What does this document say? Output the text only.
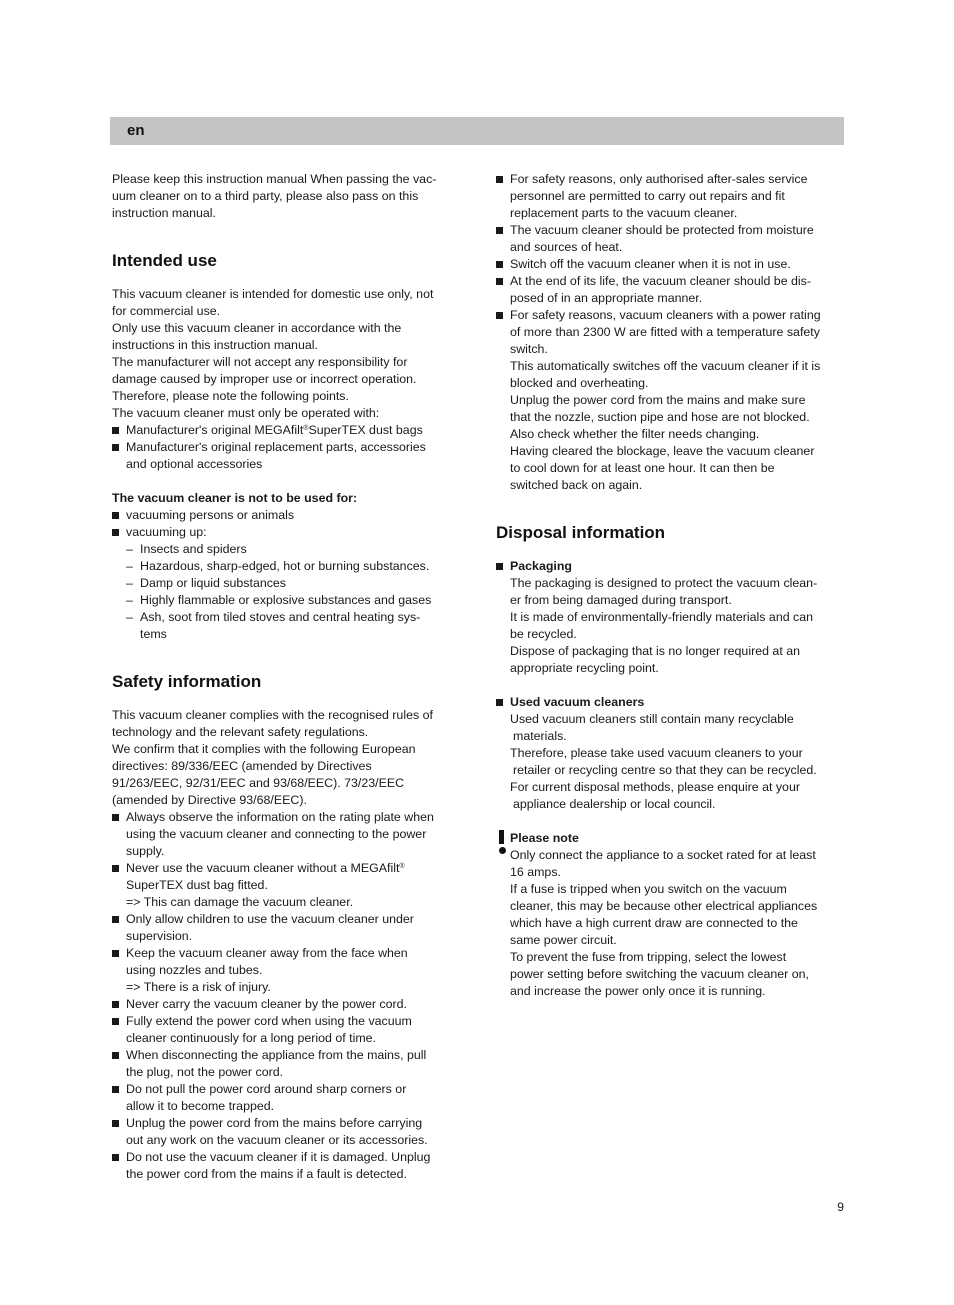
en

Please keep this instruction manual When passing the vac-

uum cleaner on to a third party, please also pass on this

instruction manual.

Intended use

This vacuum cleaner is intended for domestic use only, not

for commercial use.

Only use this vacuum cleaner in accordance with the

instructions in this instruction manual.

The manufacturer will not accept any responsibility for

damage caused by improper use or incorrect operation.

Therefore, please note the following points.

The vacuum cleaner must only be operated with:

Manufacturer's original MEGAfilt®SuperTEX dust bags

Manufacturer's original replacement parts, accessories

and optional accessories

The vacuum cleaner is not to be used for:

vacuuming persons or animals
vacuuming up:
– Insects and spiders
– Hazardous, sharp-edged, hot or burning substances.
– Damp or liquid substances
– Highly flammable or explosive substances and gases

– Ash, soot from tiled stoves and central heating sys-

tems

Safety information

This vacuum cleaner complies with the recognised rules of

technology and the relevant safety regulations.

We confirm that it complies with the following European

directives: 89/336/EEC (amended by Directives

91/263/EEC, 92/31/EEC and 93/68/EEC). 73/23/EEC

(amended by Directive 93/68/EEC).

Always observe the information on the rating plate when

using the vacuum cleaner and connecting to the power

supply.

Never use the vacuum cleaner without a MEGAfilt®

SuperTEX dust bag fitted.

=> This can damage the vacuum cleaner.

Only allow children to use the vacuum cleaner under

supervision.

Keep the vacuum cleaner away from the face when

using nozzles and tubes.

=> There is a risk of injury.

Never carry the vacuum cleaner by the power cord.

Fully extend the power cord when using the vacuum

cleaner continuously for a long period of time.

When disconnecting the appliance from the mains, pull

the plug, not the power cord.

Do not pull the power cord around sharp corners or

allow it to become trapped.

Unplug the power cord from the mains before carrying

out any work on the vacuum cleaner or its accessories.

Do not use the vacuum cleaner if it is damaged. Unplug

the power cord from the mains if a fault is detected.

For safety reasons, only authorised after-sales service

personnel are permitted to carry out repairs and fit

replacement parts to the vacuum cleaner.

The vacuum cleaner should be protected from moisture

and sources of heat.

Switch off the vacuum cleaner when it is not in use.

At the end of its life, the vacuum cleaner should be dis-

posed of in an appropriate manner.

For safety reasons, vacuum cleaners with a power rating

of more than 2300 W are fitted with a temperature safety

switch.

This automatically switches off the vacuum cleaner if it is

blocked and overheating.

Unplug the power cord from the mains and make sure

that the nozzle, suction pipe and hose are not blocked.

Also check whether the filter needs changing.

Having cleared the blockage, leave the vacuum cleaner

to cool down for at least one hour. It can then be

switched back on again.

Disposal information
Packaging

The packaging is designed to protect the vacuum clean-

er from being damaged during transport.

It is made of environmentally-friendly materials and can

be recycled.

Dispose of packaging that is no longer required at an

appropriate recycling point.

Used vacuum cleaners

Used vacuum cleaners still contain many recyclable

materials.

Therefore, please take used vacuum cleaners to your

retailer or recycling centre so that they can be recycled.

For current disposal methods, please enquire at your

appliance dealership or local council.

Please note

Only connect the appliance to a socket rated for at least

16 amps.

If a fuse is tripped when you switch on the vacuum

cleaner, this may be because other electrical appliances

which have a high current draw are connected to the

same power circuit.

To prevent the fuse from tripping, select the lowest

power setting before switching the vacuum cleaner on,

and increase the power only once it is running.

9
